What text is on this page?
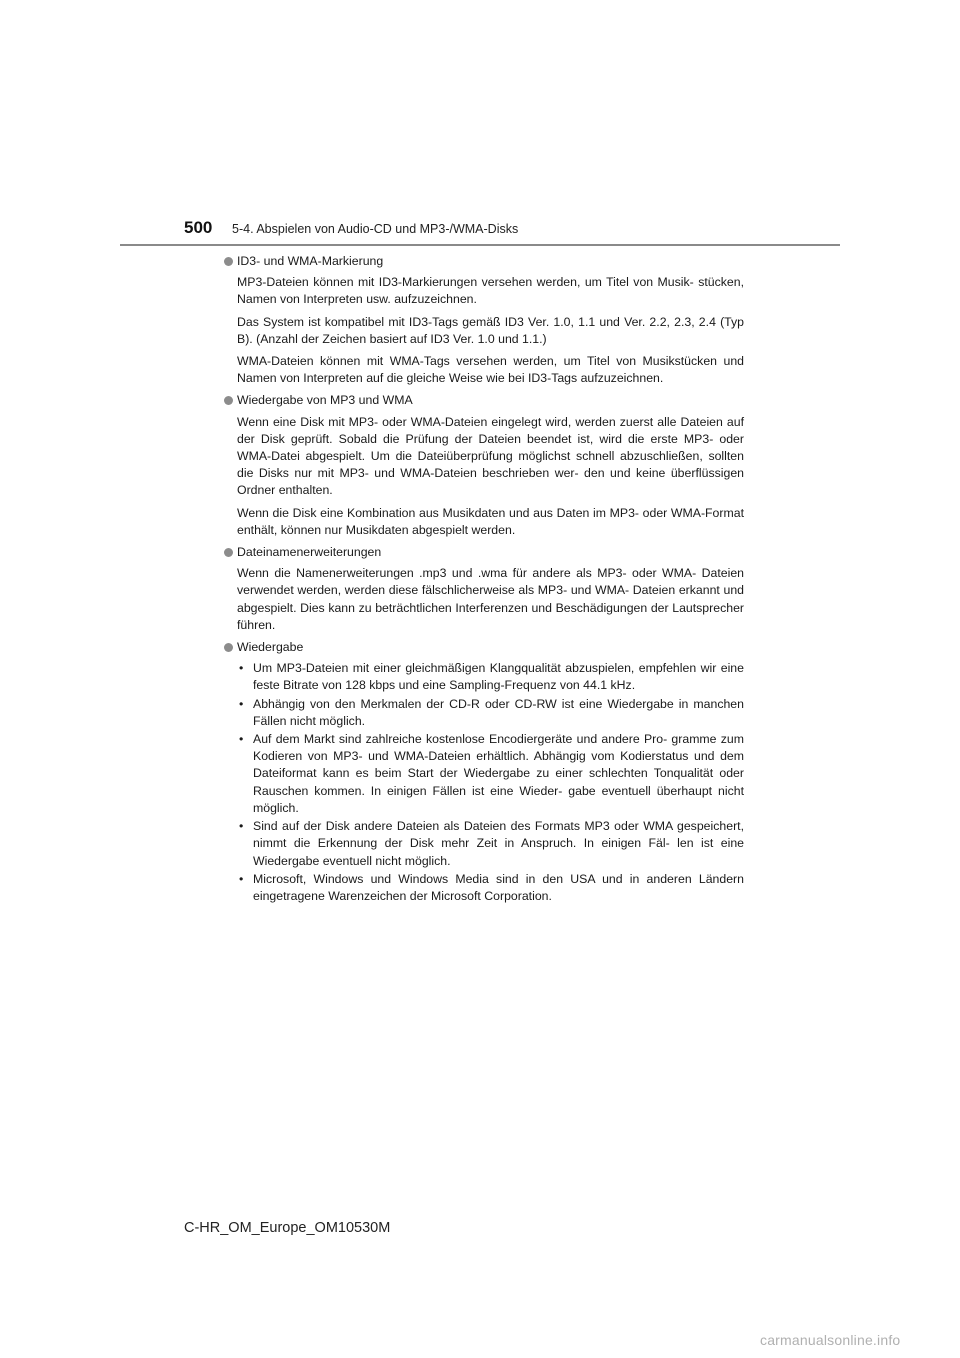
500 5-4. Abspielen von Audio-CD und MP3-/WMA-Disks
ID3- und WMA-Markierung
MP3-Dateien können mit ID3-Markierungen versehen werden, um Titel von Musik- stücken, Namen von Interpreten usw. aufzuzeichnen.
Das System ist kompatibel mit ID3-Tags gemäß ID3 Ver. 1.0, 1.1 und Ver. 2.2, 2.3, 2.4 (Typ B). (Anzahl der Zeichen basiert auf ID3 Ver. 1.0 und 1.1.)
WMA-Dateien können mit WMA-Tags versehen werden, um Titel von Musikstücken und Namen von Interpreten auf die gleiche Weise wie bei ID3-Tags aufzuzeichnen.
Wiedergabe von MP3 und WMA
Wenn eine Disk mit MP3- oder WMA-Dateien eingelegt wird, werden zuerst alle Dateien auf der Disk geprüft. Sobald die Prüfung der Dateien beendet ist, wird die erste MP3- oder WMA-Datei abgespielt. Um die Dateiüberprüfung möglichst schnell abzuschließen, sollten die Disks nur mit MP3- und WMA-Dateien beschrieben wer- den und keine überflüssigen Ordner enthalten.
Wenn die Disk eine Kombination aus Musikdaten und aus Daten im MP3- oder WMA-Format enthält, können nur Musikdaten abgespielt werden.
Dateinamenerweiterungen
Wenn die Namenerweiterungen .mp3 und .wma für andere als MP3- oder WMA- Dateien verwendet werden, werden diese fälschlicherweise als MP3- und WMA- Dateien erkannt und abgespielt. Dies kann zu beträchtlichen Interferenzen und Beschädigungen der Lautsprecher führen.
Wiedergabe
• Um MP3-Dateien mit einer gleichmäßigen Klangqualität abzuspielen, empfehlen wir eine feste Bitrate von 128 kbps und eine Sampling-Frequenz von 44.1 kHz.
• Abhängig von den Merkmalen der CD-R oder CD-RW ist eine Wiedergabe in manchen Fällen nicht möglich.
• Auf dem Markt sind zahlreiche kostenlose Encodiergeräte und andere Pro- gramme zum Kodieren von MP3- und WMA-Dateien erhältlich. Abhängig vom Kodierstatus und dem Dateiformat kann es beim Start der Wiedergabe zu einer schlechten Tonqualität oder Rauschen kommen. In einigen Fällen ist eine Wieder- gabe eventuell überhaupt nicht möglich.
• Sind auf der Disk andere Dateien als Dateien des Formats MP3 oder WMA gespeichert, nimmt die Erkennung der Disk mehr Zeit in Anspruch. In einigen Fäl- len ist eine Wiedergabe eventuell nicht möglich.
• Microsoft, Windows und Windows Media sind in den USA und in anderen Ländern eingetragene Warenzeichen der Microsoft Corporation.
C-HR_OM_Europe_OM10530M
carmanualsonline.info
